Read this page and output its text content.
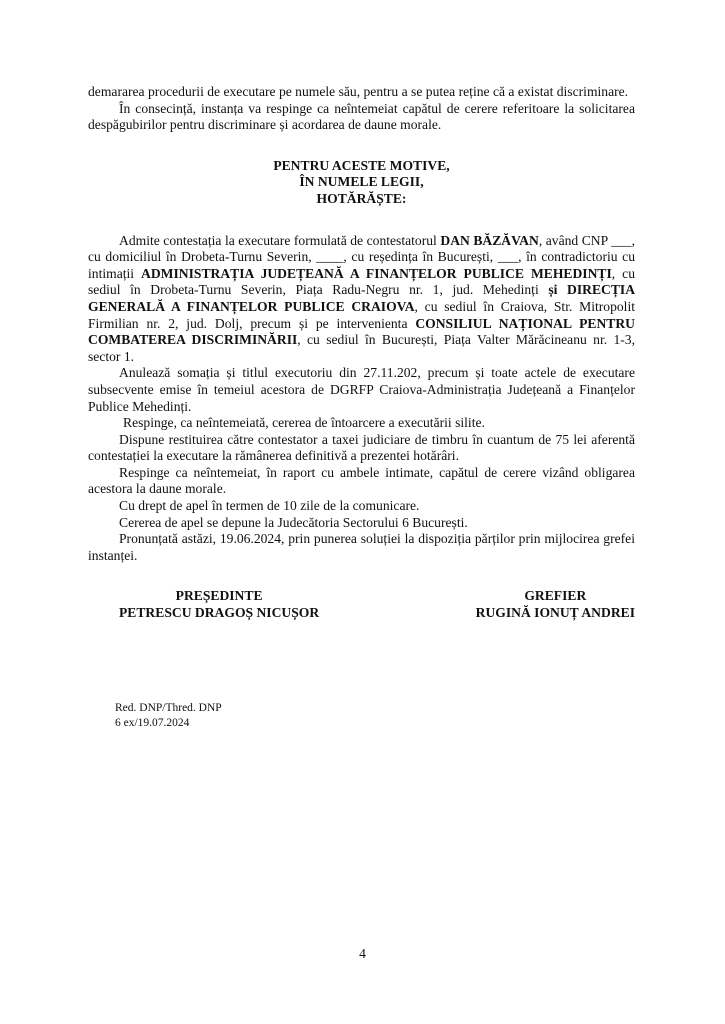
demararea procedurii de executare pe numele său, pentru a se putea reține că a existat discriminare.

În consecință, instanța va respinge ca neîntemeiat capătul de cerere referitoare la solicitarea despăgubirilor pentru discriminare și acordarea de daune morale.

PENTRU ACESTE MOTIVE,
ÎN NUMELE LEGII,
HOTĂRĂȘTE:

Admite contestația la executare formulată de contestatorul DAN BĂZĂVAN, având CNP ___, cu domiciliul în Drobeta-Turnu Severin, ____, cu reședința în București, ___, în contradictoriu cu intimații ADMINISTRAȚIA JUDEȚEANĂ A FINANȚELOR PUBLICE MEHEDINȚI, cu sediul în Drobeta-Turnu Severin, Piața Radu-Negru nr. 1, jud. Mehedinți și DIRECȚIA GENERALĂ A FINANȚELOR PUBLICE CRAIOVA, cu sediul în Craiova, Str. Mitropolit Firmilian nr. 2, jud. Dolj, precum și pe intervenienta CONSILIUL NAȚIONAL PENTRU COMBATEREA DISCRIMINĂRII, cu sediul în București, Piața Valter Mărăcineanu nr. 1-3, sector 1.

Anulează somația și titlul executoriu din 27.11.202, precum și toate actele de executare subsecvente emise în temeiul acestora de DGRFP Craiova-Administrația Județeană a Finanțelor Publice Mehedinți.

Respinge, ca neîntemeiată, cererea de întoarcere a executării silite.

Dispune restituirea către contestator a taxei judiciare de timbru în cuantum de 75 lei aferentă contestației la executare la rămânerea definitivă a prezentei hotărâri.

Respinge ca neîntemeiat, în raport cu ambele intimate, capătul de cerere vizând obligarea acestora la daune morale.

Cu drept de apel în termen de 10 zile de la comunicare.

Cererea de apel se depune la Judecătoria Sectorului 6 București.

Pronunțată astăzi, 19.06.2024, prin punerea soluției la dispoziția părților prin mijlocirea grefei instanței.

PREȘEDINTE
PETRESCU DRAGOȘ NICUȘOR
GREFIER
RUGINĂ IONUȚ ANDREI
Red. DNP/Thred. DNP
6 ex/19.07.2024
4
